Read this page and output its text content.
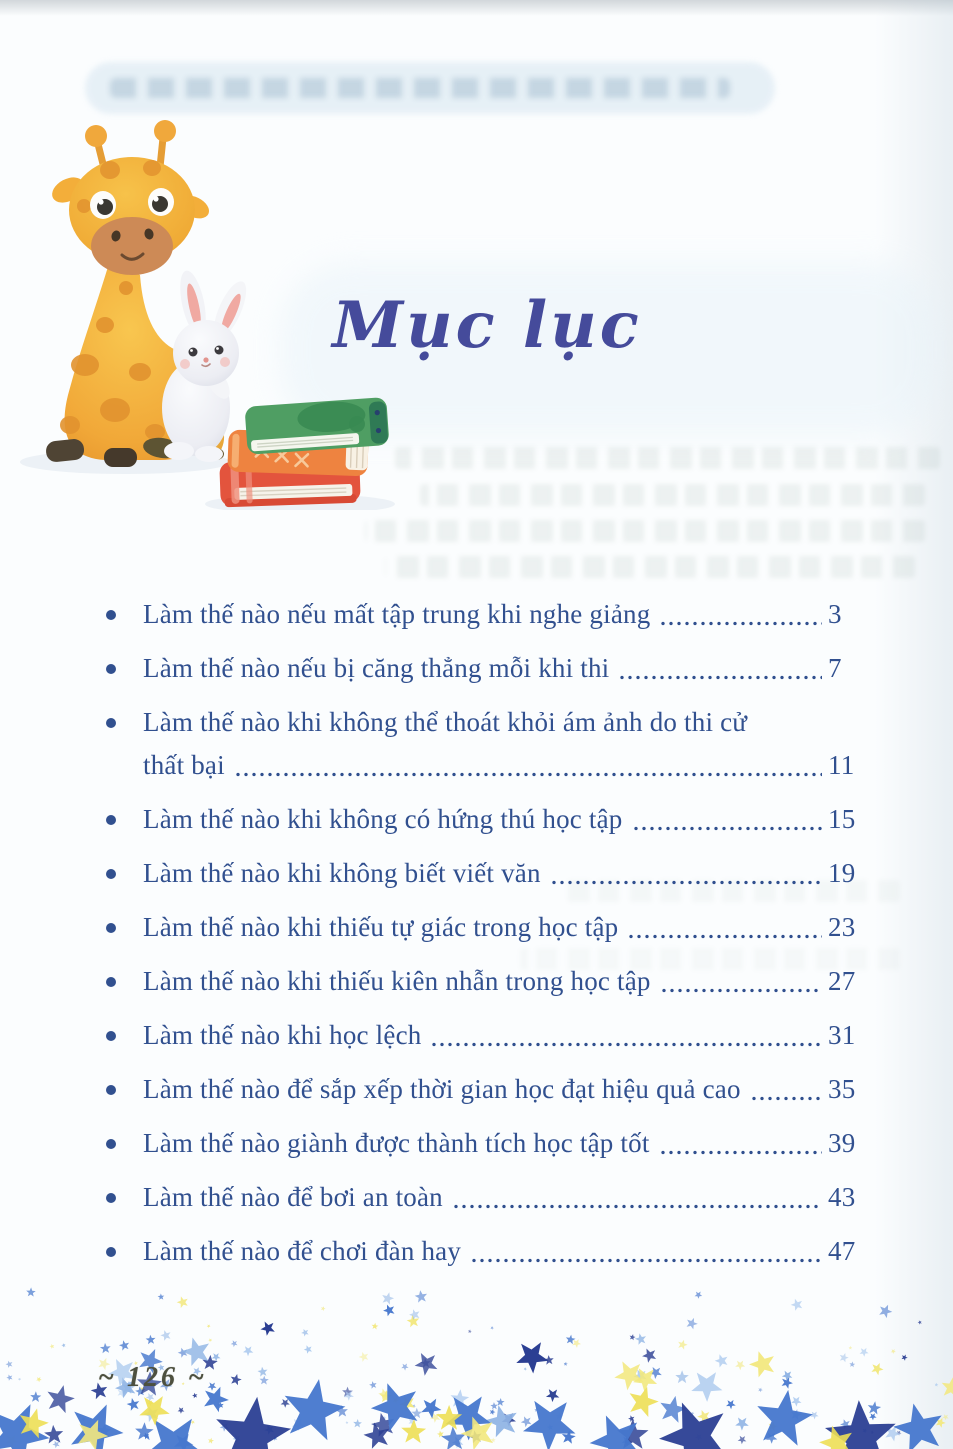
Mục lục
Làm thế nào nếu mất tập trung khi nghe giảng	3
Làm thế nào nếu bị căng thẳng mỗi khi thi	7
Làm thế nào khi không thể thoát khỏi ám ảnh do thi cử
thất bại	11
Làm thế nào khi không có hứng thú học tập	15
Làm thế nào khi không biết viết văn	19
Làm thế nào khi thiếu tự giác trong học tập	23
Làm thế nào khi thiếu kiên nhẫn trong học tập	27
Làm thế nào khi học lệch	31
Làm thế nào để sắp xếp thời gian học đạt hiệu quả cao	35
Làm thế nào giành được thành tích học tập tốt	39
Làm thế nào để bơi an toàn	43
Làm thế nào để chơi đàn hay	47
~ 126 ~
